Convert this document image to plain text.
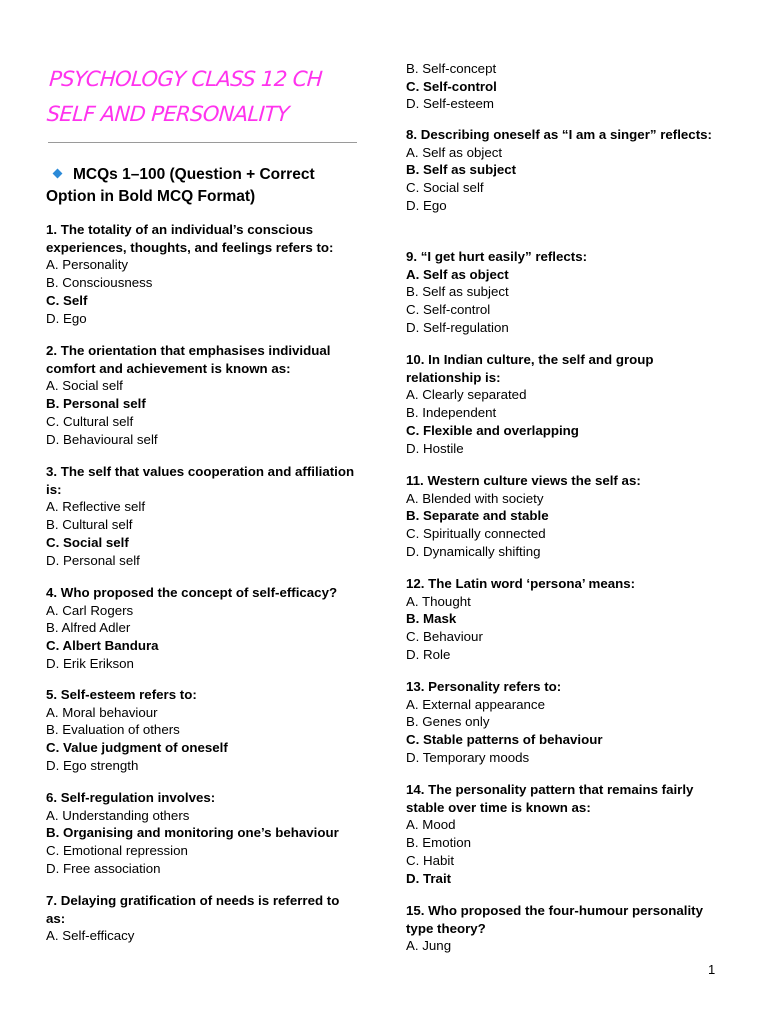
PSYCHOLOGY CLASS 12 CH SELF AND PERSONALITY
MCQs 1–100 (Question + Correct Option in Bold MCQ Format)
1. The totality of an individual’s conscious experiences, thoughts, and feelings refers to:
A. Personality
B. Consciousness
C. Self
D. Ego
2. The orientation that emphasises individual comfort and achievement is known as:
A. Social self
B. Personal self
C. Cultural self
D. Behavioural self
3. The self that values cooperation and affiliation is:
A. Reflective self
B. Cultural self
C. Social self
D. Personal self
4. Who proposed the concept of self-efficacy?
A. Carl Rogers
B. Alfred Adler
C. Albert Bandura
D. Erik Erikson
5. Self-esteem refers to:
A. Moral behaviour
B. Evaluation of others
C. Value judgment of oneself
D. Ego strength
6. Self-regulation involves:
A. Understanding others
B. Organising and monitoring one’s behaviour
C. Emotional repression
D. Free association
7. Delaying gratification of needs is referred to as:
A. Self-efficacy
B. Self-concept
C. Self-control
D. Self-esteem
8. Describing oneself as “I am a singer” reflects:
A. Self as object
B. Self as subject
C. Social self
D. Ego
9. “I get hurt easily” reflects:
A. Self as object
B. Self as subject
C. Self-control
D. Self-regulation
10. In Indian culture, the self and group relationship is:
A. Clearly separated
B. Independent
C. Flexible and overlapping
D. Hostile
11. Western culture views the self as:
A. Blended with society
B. Separate and stable
C. Spiritually connected
D. Dynamically shifting
12. The Latin word ‘persona’ means:
A. Thought
B. Mask
C. Behaviour
D. Role
13. Personality refers to:
A. External appearance
B. Genes only
C. Stable patterns of behaviour
D. Temporary moods
14. The personality pattern that remains fairly stable over time is known as:
A. Mood
B. Emotion
C. Habit
D. Trait
15. Who proposed the four-humour personality type theory?
A. Jung
1
